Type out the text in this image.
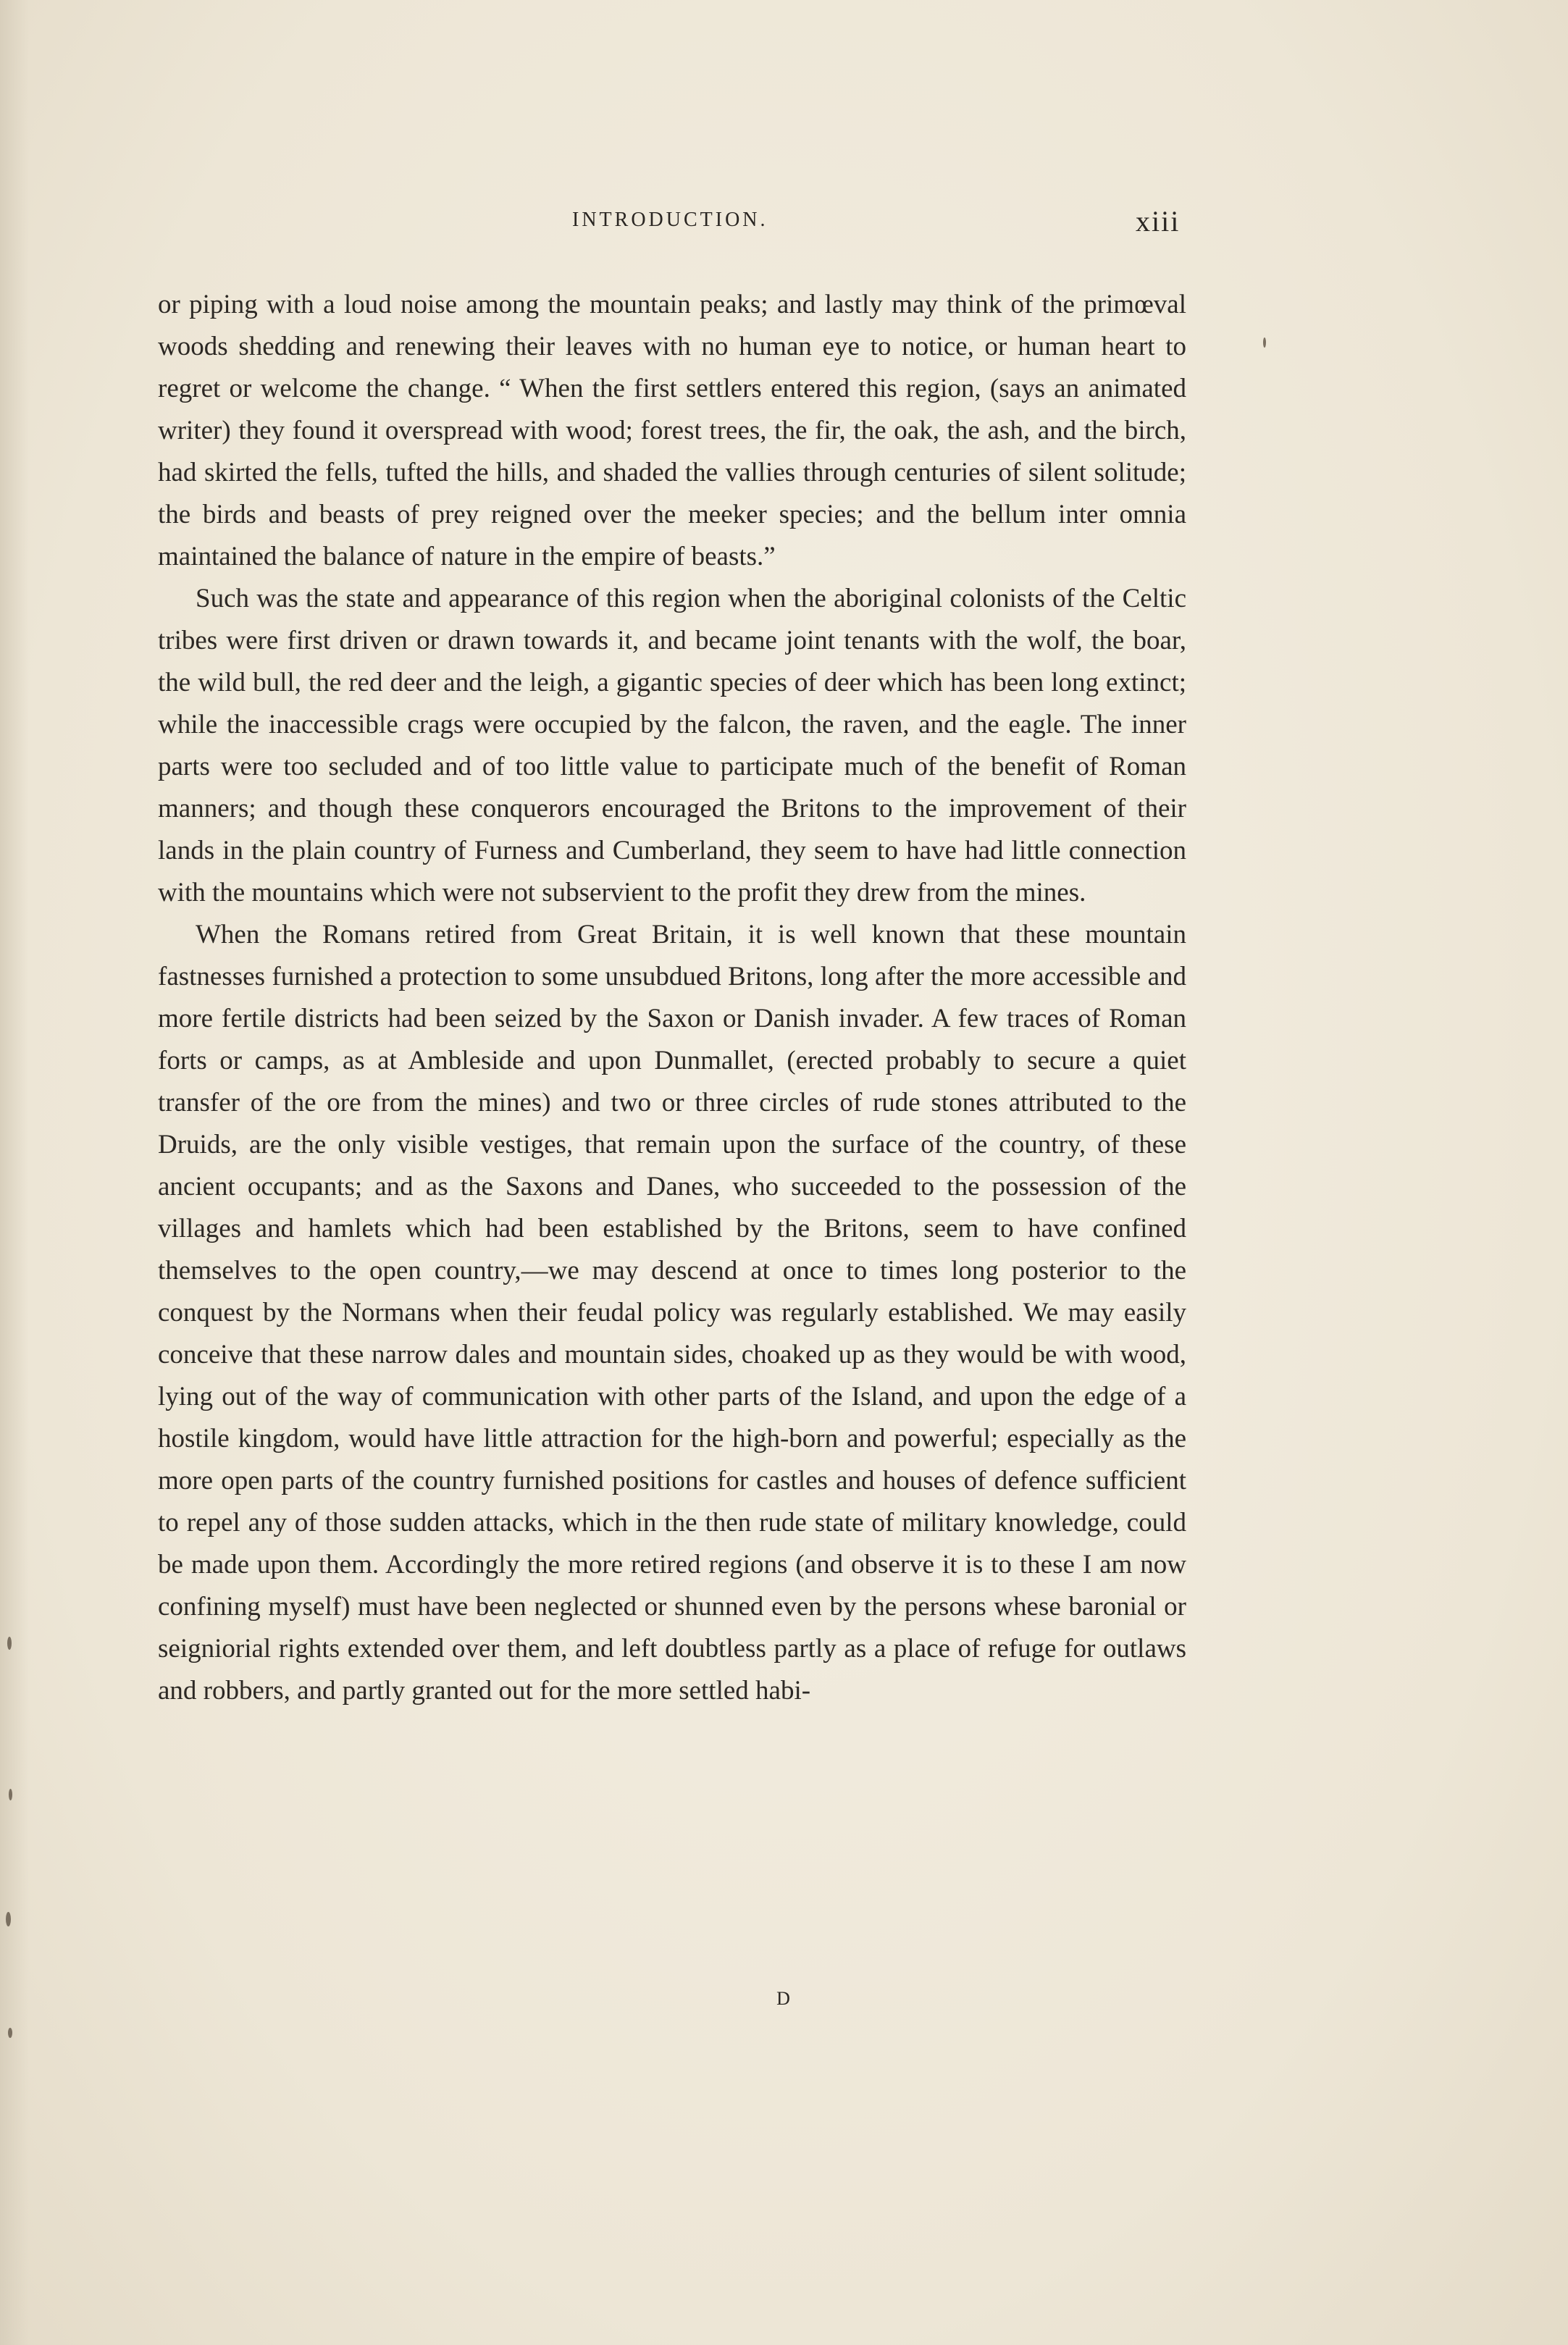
INTRODUCTION.	xiii

or piping with a loud noise among the mountain peaks; and lastly may think of the primœval woods shedding and renewing their leaves with no human eye to notice, or human heart to regret or welcome the change. “ When the first settlers entered this region, (says an animated writer) they found it overspread with wood; forest trees, the fir, the oak, the ash, and the birch, had skirted the fells, tufted the hills, and shaded the vallies through centuries of silent solitude; the birds and beasts of prey reigned over the meeker species; and the bellum inter omnia maintained the balance of nature in the empire of beasts.”

Such was the state and appearance of this region when the aboriginal colonists of the Celtic tribes were first driven or drawn towards it, and became joint tenants with the wolf, the boar, the wild bull, the red deer and the leigh, a gigantic species of deer which has been long extinct; while the inaccessible crags were occupied by the falcon, the raven, and the eagle. The inner parts were too secluded and of too little value to participate much of the benefit of Roman manners; and though these conquerors encouraged the Britons to the improvement of their lands in the plain country of Furness and Cumberland, they seem to have had little connection with the mountains which were not subservient to the profit they drew from the mines.

When the Romans retired from Great Britain, it is well known that these mountain fastnesses furnished a protection to some unsubdued Britons, long after the more accessible and more fertile districts had been seized by the Saxon or Danish invader. A few traces of Roman forts or camps, as at Ambleside and upon Dunmallet, (erected probably to secure a quiet transfer of the ore from the mines) and two or three circles of rude stones attributed to the Druids, are the only visible vestiges, that remain upon the surface of the country, of these ancient occupants; and as the Saxons and Danes, who succeeded to the possession of the villages and hamlets which had been established by the Britons, seem to have confined themselves to the open country,—we may descend at once to times long posterior to the conquest by the Normans when their feudal policy was regularly established. We may easily conceive that these narrow dales and mountain sides, choaked up as they would be with wood, lying out of the way of communication with other parts of the Island, and upon the edge of a hostile kingdom, would have little attraction for the high-born and powerful; especially as the more open parts of the country furnished positions for castles and houses of defence sufficient to repel any of those sudden attacks, which in the then rude state of military knowledge, could be made upon them. Accordingly the more retired regions (and observe it is to these I am now confining myself) must have been neglected or shunned even by the persons whese baronial or seigniorial rights extended over them, and left doubtless partly as a place of refuge for outlaws and robbers, and partly granted out for the more settled habi-

D
